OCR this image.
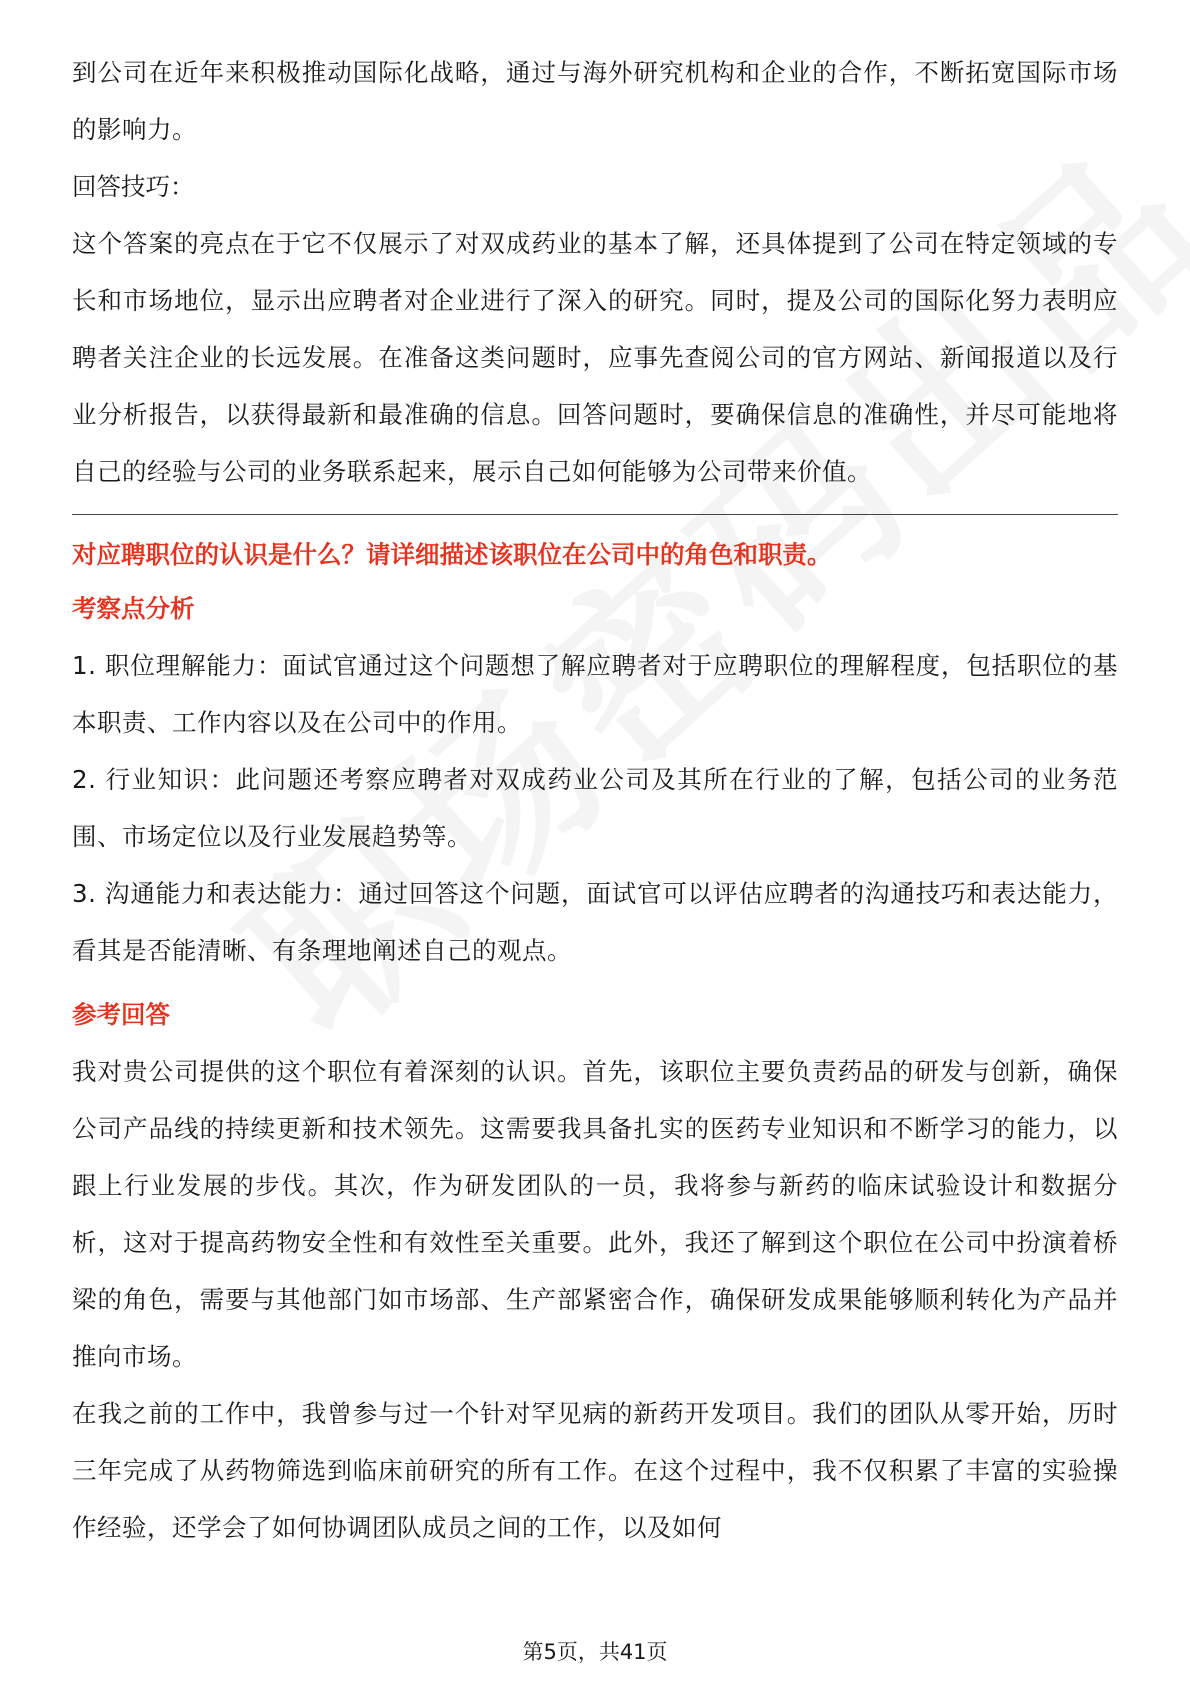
到公司在近年来积极推动国际化战略，通过与海外研究机构和企业的合作，不断拓宽国际市场的影响力。

回答技巧：

这个答案的亮点在于它不仅展示了对双成药业的基本了解，还具体提到了公司在特定领域的专长和市场地位，显示出应聘者对企业进行了深入的研究。同时，提及公司的国际化努力表明应聘者关注企业的长远发展。在准备这类问题时，应事先查阅公司的官方网站、新闻报道以及行业分析报告，以获得最新和最准确的信息。回答问题时，要确保信息的准确性，并尽可能地将自己的经验与公司的业务联系起来，展示自己如何能够为公司带来价值。

对应聘职位的认识是什么？请详细描述该职位在公司中的角色和职责。

考察点分析

1. 职位理解能力：面试官通过这个问题想了解应聘者对于应聘职位的理解程度，包括职位的基本职责、工作内容以及在公司中的作用。

2. 行业知识：此问题还考察应聘者对双成药业公司及其所在行业的了解，包括公司的业务范围、市场定位以及行业发展趋势等。

3. 沟通能力和表达能力：通过回答这个问题，面试官可以评估应聘者的沟通技巧和表达能力，看其是否能清晰、有条理地阐述自己的观点。

参考回答

我对贵公司提供的这个职位有着深刻的认识。首先，该职位主要负责药品的研发与创新，确保公司产品线的持续更新和技术领先。这需要我具备扎实的医药专业知识和不断学习的能力，以跟上行业发展的步伐。其次，作为研发团队的一员，我将参与新药的临床试验设计和数据分析，这对于提高药物安全性和有效性至关重要。此外，我还了解到这个职位在公司中扮演着桥梁的角色，需要与其他部门如市场部、生产部紧密合作，确保研发成果能够顺利转化为产品并推向市场。

在我之前的工作中，我曾参与过一个针对罕见病的新药开发项目。我们的团队从零开始，历时三年完成了从药物筛选到临床前研究的所有工作。在这个过程中，我不仅积累了丰富的实验操作经验，还学会了如何协调团队成员之间的工作，以及如何

第5页，共41页
